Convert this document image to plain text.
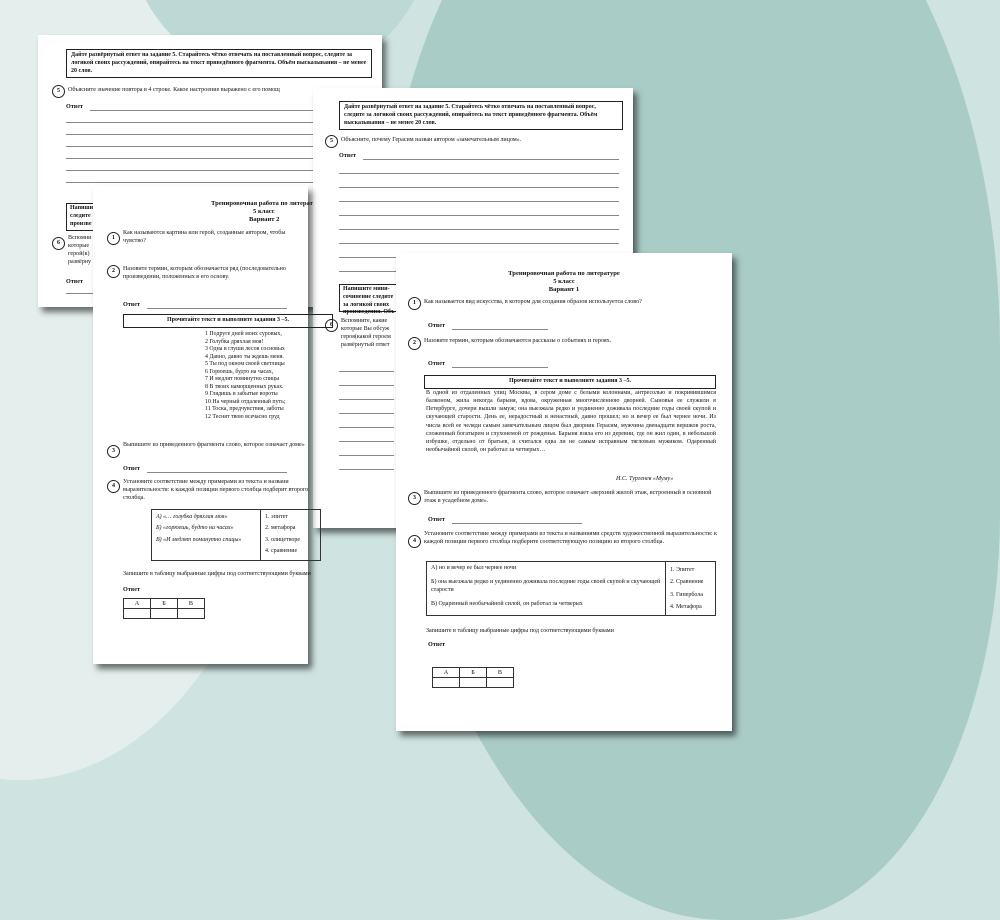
Дайте развёрнутый ответ на задание 5. Старайтесь чётко отвечать на поставленный вопрос, следите за логикой своих рассуждений, опирайтесь на текст приведённого фрагмента. Объём высказывания – не менее 20 слов.
5	Объясните значение повтора в 4 строке. Какое настроение выражено с его помощ
Ответ
Напиши следите произве
6
Вспомни которые герой(к) развёрну
Ответ
Дайте развёрнутый ответ на задание 5. Старайтесь чётко отвечать на поставленный вопрос, следите за логикой своих рассуждений, опирайтесь на текст приведённого фрагмента. Объём высказывания – не менее 20 слов.
5	Объясните, почему Герасим назван автором «замечательным лицом».
Ответ
Напишите мини-сочинение следите за логикой своих произведения. Объ
6
Вспомните, какие которые Вы обсуж героя(какой героем развёрнутый ответ
Тренировочная работа по литерат
5 класс
Вариант 2
1
Как называются картина или герой, созданные автором, чтобы чувство?
2	Назовите термин, которым обозначается ряд (последовательно произведении, положенных в его основу.
Ответ
Прочитайте текст и выполните задания 3 –5.
1 Подруге дней моих суровых,
2 Голубка дряхлая моя!
3 Одна в глуши лесов сосновых
4 Давно, давно ты ждешь меня.
5 Ты под окном своей светлицы
6 Горюешь, будто на часах,
7 И медлят поминутно спицы
8 В твоих наморщенных руках.
9 Глядишь в забытые вороты
10 На черный отдаленный путь;
11 Тоска, предчувствия, заботы
12 Теснят твою всечасно груд
3
Выпишите из приведенного фрагмента слово, которое означает доме»
Ответ
4
Установите соответствие между примерами из текста и названи выразительности: к каждой позиции первого столбца подберит второго столбца.
А) «… голубка дряхлая моя»
Б) «горюешь, будто на часах»
В) «И медлят поминутно спицы»

1. эпитет
2. метафора
3. олицетворе
4. сравнение
Запишите в таблицу выбранные цифры под соответствующими буквами
Ответ
А	Б	В

Тренировочная работа по литературе
5 класс
Вариант 1
1	Как называется вид искусства, в котором для создания образов используется слово?
Ответ
2	Назовите термин, которым обозначаются рассказы о событиях и героях.
Ответ
Прочитайте текст и выполните задания 3 –5.
В одной из отдаленных улиц Москвы, в сером доме с белыми колоннами, антресолью и покривившимся балконом, жила некогда барыня, вдова, окруженная многочисленною дворней. Сыновья ее служили в Петербурге, дочери вышли замуж; она выезжала редко и уединенно доживала последние годы своей скупой и скучающей старости. День ее, нерадостный и ненастный, давно прошел; но и вечер ее был чернее ночи. Из числа всей ее челяди самым замечательным лицом был дворник Герасим, мужчина двенадцати вершков роста, сложенный богатырем и глухонемой от рожденья. Барыня взяла его из деревни, где он жил один, в небольшой избушке, отдельно от братьев, и считался едва ли не самым исправным тягловым мужиком. Одаренный необычайной силой, он работал за четверых…
И.С. Тургенев «Муму»
3
Выпишите из приведенного фрагмента слово, которое означает «верхний жилой этаж, встроенный в основной этаж в усадебном доме».
Ответ
4
Установите соответствие между примерами из текста и названиями средств художественной выразительности: к каждой позиции первого столбца подберите соответствующую позицию из второго столбца.
А) но и вечер ее был чернее ночи
Б) она выезжала редко и уединенно доживала последние годы своей скупой и скучающей старости
В) Одаренный необычайной силой, он работал за четверых

1. Эпитет
2. Сравнение
3. Гипербола
4. Метафора
Запишите в таблицу выбранные цифры под соответствующими буквами
Ответ
А	Б	В
